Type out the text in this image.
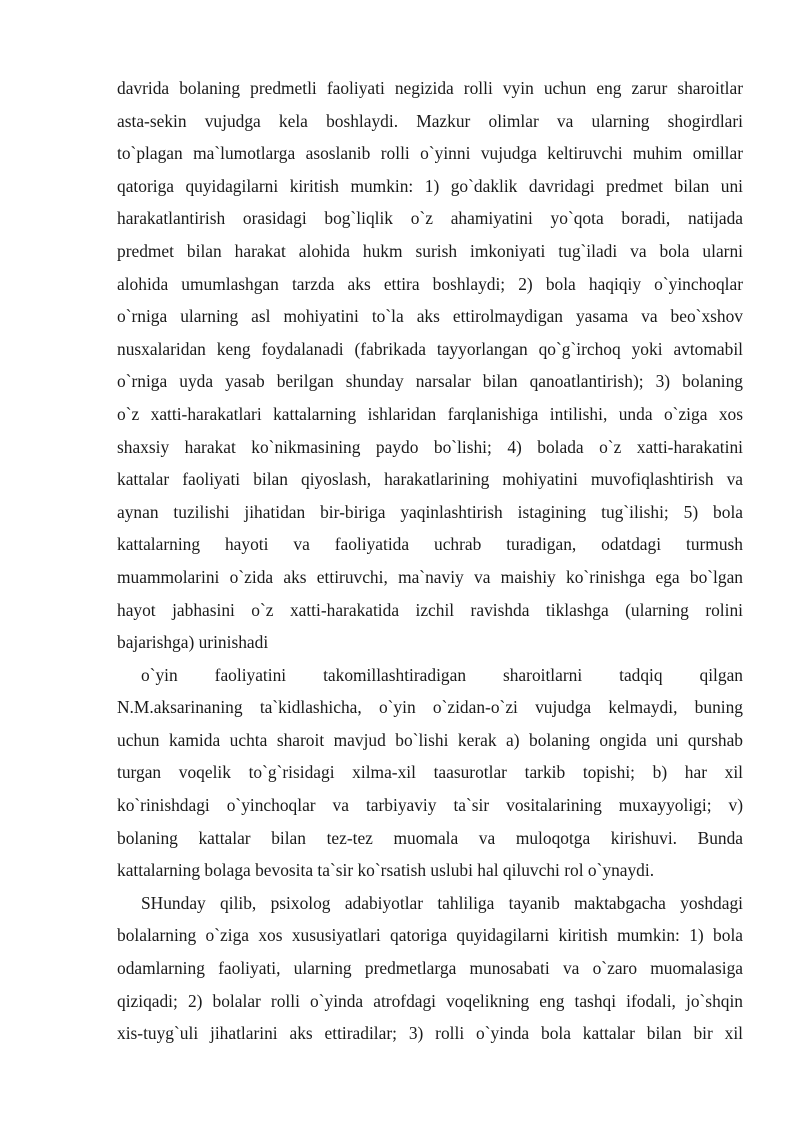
davrida bolaning predmetli faoliyati negizida rolli vyin uchun eng zarur sharoitlar
asta-sekin vujudga kela boshlaydi. Mazkur olimlar va ularning shogirdlari
to`plagan ma`lumotlarga asoslanib rolli o`yinni vujudga keltiruvchi muhim omillar
qatoriga quyidagilarni kiritish mumkin: 1) go`daklik davridagi predmet bilan uni
harakatlantirish orasidagi bog`liqlik o`z ahamiyatini yo`qota boradi, natijada
predmet bilan harakat alohida hukm surish imkoniyati tug`iladi va bola ularni
alohida umumlashgan tarzda aks ettira boshlaydi; 2) bola haqiqiy o`yinchoqlar
o`rniga ularning asl mohiyatini to`la aks ettirolmaydigan yasama va beo`xshov
nusxalaridan keng foydalanadi (fabrikada tayyorlangan qo`g`irchoq yoki avtomabil
o`rniga uyda yasab berilgan shunday narsalar bilan qanoatlantirish); 3) bolaning
o`z xatti-harakatlari kattalarning ishlaridan farqlanishiga intilishi, unda o`ziga xos
shaxsiy harakat ko`nikmasining paydo bo`lishi; 4) bolada o`z xatti-harakatini
kattalar faoliyati bilan qiyoslash, harakatlarining mohiyatini muvofiqlashtirish va
aynan tuzilishi jihatidan bir-biriga yaqinlashtirish istagining tug`ilishi; 5) bola
kattalarning hayoti va faoliyatida uchrab turadigan, odatdagi turmush
muammolarini o`zida aks ettiruvchi, ma`naviy va maishiy ko`rinishga ega bo`lgan
hayot jabhasini o`z xatti-harakatida izchil ravishda tiklashga (ularning rolini
bajarishga) urinishadi
o`yin faoliyatini takomillashtiradigan sharoitlarni tadqiq qilgan
N.M.aksarinaning ta`kidlashicha, o`yin o`zidan-o`zi vujudga kelmaydi, buning
uchun kamida uchta sharoit mavjud bo`lishi kerak a) bolaning ongida uni qurshab
turgan voqelik to`g`risidagi xilma-xil taasurotlar tarkib topishi; b) har xil
ko`rinishdagi o`yinchoqlar va tarbiyaviy ta`sir vositalarining muxayyoligi; v)
bolaning kattalar bilan tez-tez muomala va muloqotga kirishuvi. Bunda
kattalarning bolaga bevosita ta`sir ko`rsatish uslubi hal qiluvchi rol o`ynaydi.
SHunday qilib, psixolog adabiyotlar tahliliga tayanib maktabgacha yoshdagi
bolalarning o`ziga xos xususiyatlari qatoriga quyidagilarni kiritish mumkin: 1) bola
odamlarning faoliyati, ularning predmetlarga munosabati va o`zaro muomalasiga
qiziqadi; 2) bolalar rolli o`yinda atrofdagi voqelikning eng tashqi ifodali, jo`shqin
xis-tuyg`uli jihatlarini aks ettiradilar; 3) rolli o`yinda bola kattalar bilan bir xil
